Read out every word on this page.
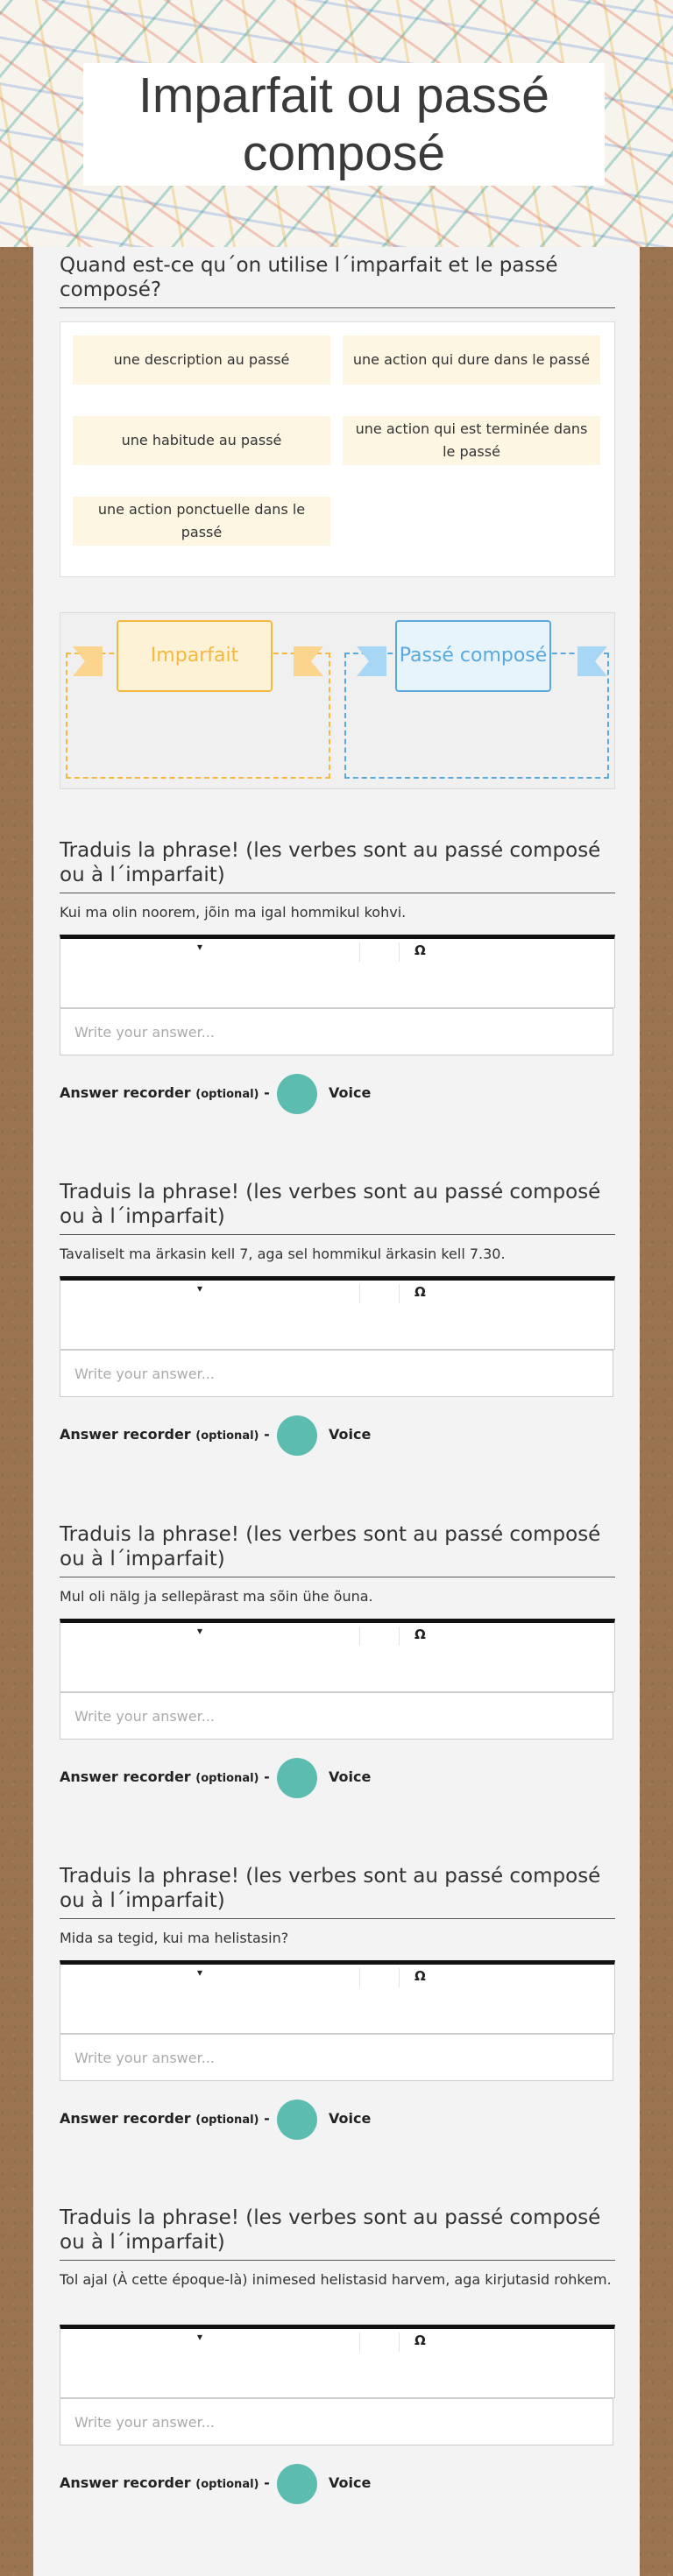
Imparfait ou passé composé
Quand est-ce qu´on utilise l´imparfait et le passé composé?
une description au passé	une action qui dure dans le passé
une habitude au passé
une action qui est terminée dans le passé
une action ponctuelle dans le passé
Imparfait	Passé composé
Traduis la phrase! (les verbes sont au passé composé ou à l´imparfait)
Kui ma olin noorem, jõin ma igal hommikul kohvi.
▾	Ω
Write your answer...
Answer recorder (optional) -	Voice
Traduis la phrase! (les verbes sont au passé composé ou à l´imparfait)
Tavaliselt ma ärkasin kell 7, aga sel hommikul ärkasin kell 7.30.
▾	Ω
Write your answer...
Answer recorder (optional) -	Voice
Traduis la phrase! (les verbes sont au passé composé ou à l´imparfait)
Mul oli nälg ja sellepärast ma sõin ühe õuna.
▾	Ω
Write your answer...
Answer recorder (optional) -	Voice
Traduis la phrase! (les verbes sont au passé composé ou à l´imparfait)
Mida sa tegid, kui ma helistasin?
▾	Ω
Write your answer...
Answer recorder (optional) -	Voice
Traduis la phrase! (les verbes sont au passé composé ou à l´imparfait)
Tol ajal (À cette époque-là) inimesed helistasid harvem, aga kirjutasid rohkem.
▾	Ω
Write your answer...
Answer recorder (optional) -	Voice
